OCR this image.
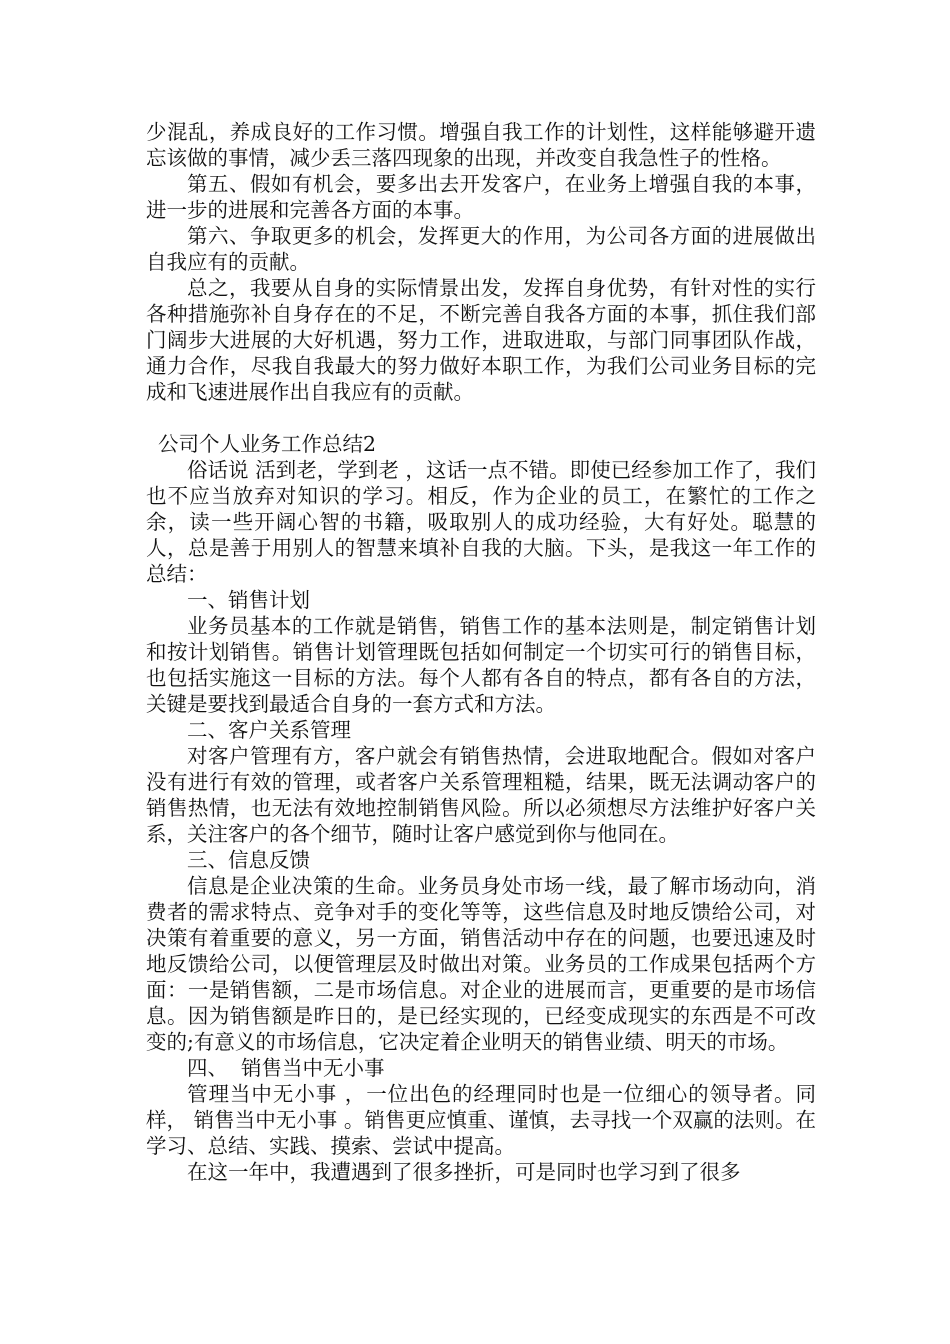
少混乱，养成良好的工作习惯。增强自我工作的计划性，这样能够避开遗忘该做的事情，减少丢三落四现象的出现，并改变自我急性子的性格。

第五、假如有机会，要多出去开发客户，在业务上增强自我的本事，进一步的进展和完善各方面的本事。

第六、争取更多的机会，发挥更大的作用，为公司各方面的进展做出自我应有的贡献。

总之，我要从自身的实际情景出发，发挥自身优势，有针对性的实行各种措施弥补自身存在的不足，不断完善自我各方面的本事，抓住我们部门阔步大进展的大好机遇，努力工作，进取进取，与部门同事团队作战，通力合作，尽我自我最大的努力做好本职工作，为我们公司业务目标的完成和飞速进展作出自我应有的贡献。

公司个人业务工作总结2

俗话说 活到老，学到老 ，这话一点不错。即使已经参加工作了，我们也不应当放弃对知识的学习。相反，作为企业的员工，在繁忙的工作之余，读一些开阔心智的书籍，吸取别人的成功经验，大有好处。聪慧的人，总是善于用别人的智慧来填补自我的大脑。下头，是我这一年工作的总结：

一、销售计划

业务员基本的工作就是销售，销售工作的基本法则是，制定销售计划和按计划销售。销售计划管理既包括如何制定一个切实可行的销售目标，也包括实施这一目标的方法。每个人都有各自的特点，都有各自的方法，关键是要找到最适合自身的一套方式和方法。

二、客户关系管理

对客户管理有方，客户就会有销售热情，会进取地配合。假如对客户没有进行有效的管理，或者客户关系管理粗糙，结果，既无法调动客户的销售热情，也无法有效地控制销售风险。所以必须想尽方法维护好客户关系，关注客户的各个细节，随时让客户感觉到你与他同在。

三、信息反馈

信息是企业决策的生命。业务员身处市场一线，最了解市场动向，消费者的需求特点、竞争对手的变化等等，这些信息及时地反馈给公司，对决策有着重要的意义，另一方面，销售活动中存在的问题，也要迅速及时地反馈给公司，以便管理层及时做出对策。业务员的工作成果包括两个方面：一是销售额，二是市场信息。对企业的进展而言，更重要的是市场信息。因为销售额是昨日的，是已经实现的，已经变成现实的东西是不可改变的;有意义的市场信息，它决定着企业明天的销售业绩、明天的市场。

四、  销售当中无小事

管理当中无小事 ，一位出色的经理同时也是一位细心的领导者。同样， 销售当中无小事 。销售更应慎重、谨慎，去寻找一个双赢的法则。在学习、总结、实践、摸索、尝试中提高。

在这一年中，我遭遇到了很多挫折，可是同时也学习到了很多
